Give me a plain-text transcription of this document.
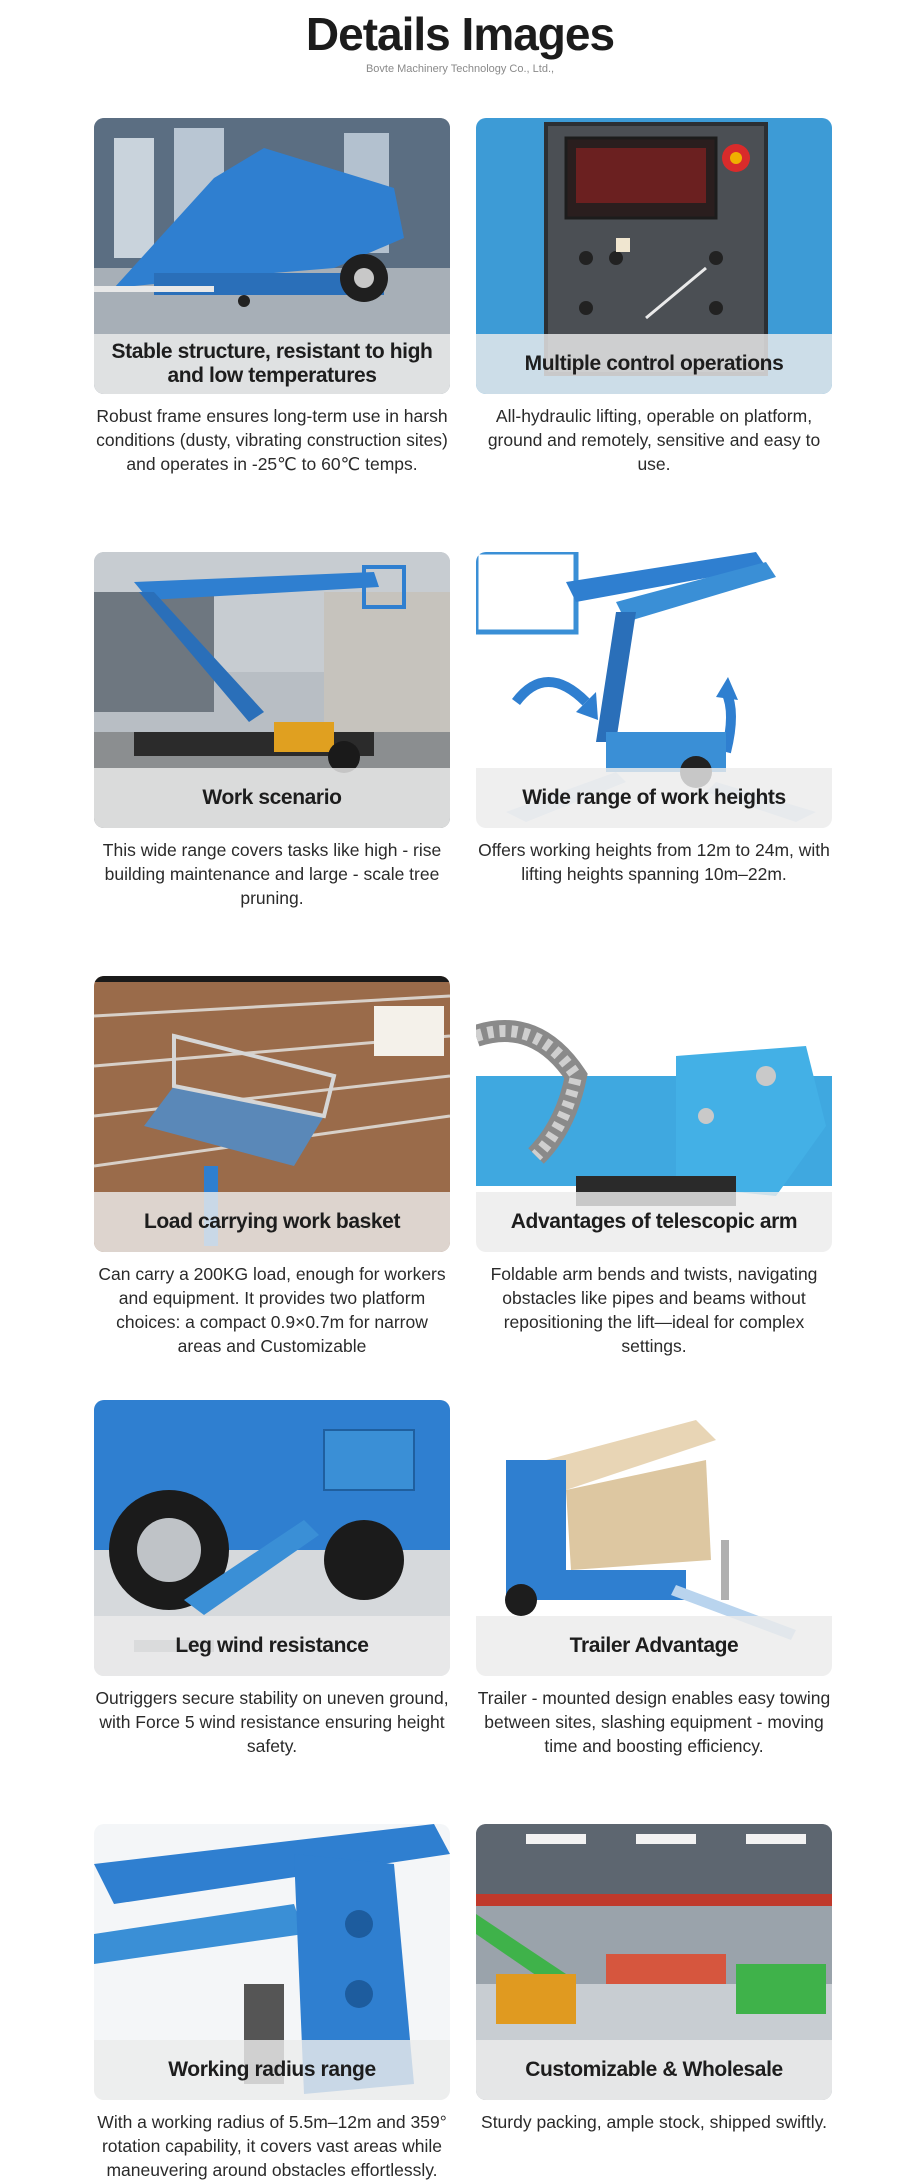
Details Images
Bovte Machinery Technology Co., Ltd.,
Stable structure, resistant to high and low temperatures
Robust frame ensures long-term use in harsh conditions (dusty, vibrating construction sites) and operates in -25℃ to 60℃ temps.
Multiple control operations
All-hydraulic lifting, operable on platform, ground and remotely, sensitive and easy to use.
Work scenario
This wide range covers tasks like high - rise building maintenance and large - scale tree pruning.
Wide range of work heights
Offers working heights from 12m to 24m, with lifting heights spanning 10m–22m.
Load carrying work basket
Can carry a 200KG load, enough for workers and equipment. It provides two platform choices: a compact 0.9×0.7m for narrow areas and Customizable
Advantages of telescopic arm
Foldable arm bends and twists, navigating obstacles like pipes and beams without repositioning the lift—ideal for complex settings.
Leg wind resistance
Outriggers secure stability on uneven ground, with Force 5 wind resistance ensuring height safety.
Trailer Advantage
Trailer - mounted design enables easy towing between sites, slashing equipment - moving time and boosting efficiency.
Working radius range
With a working radius of 5.5m–12m and 359° rotation capability, it covers vast areas while maneuvering around obstacles effortlessly.
Customizable & Wholesale
Sturdy packing, ample stock, shipped swiftly.
